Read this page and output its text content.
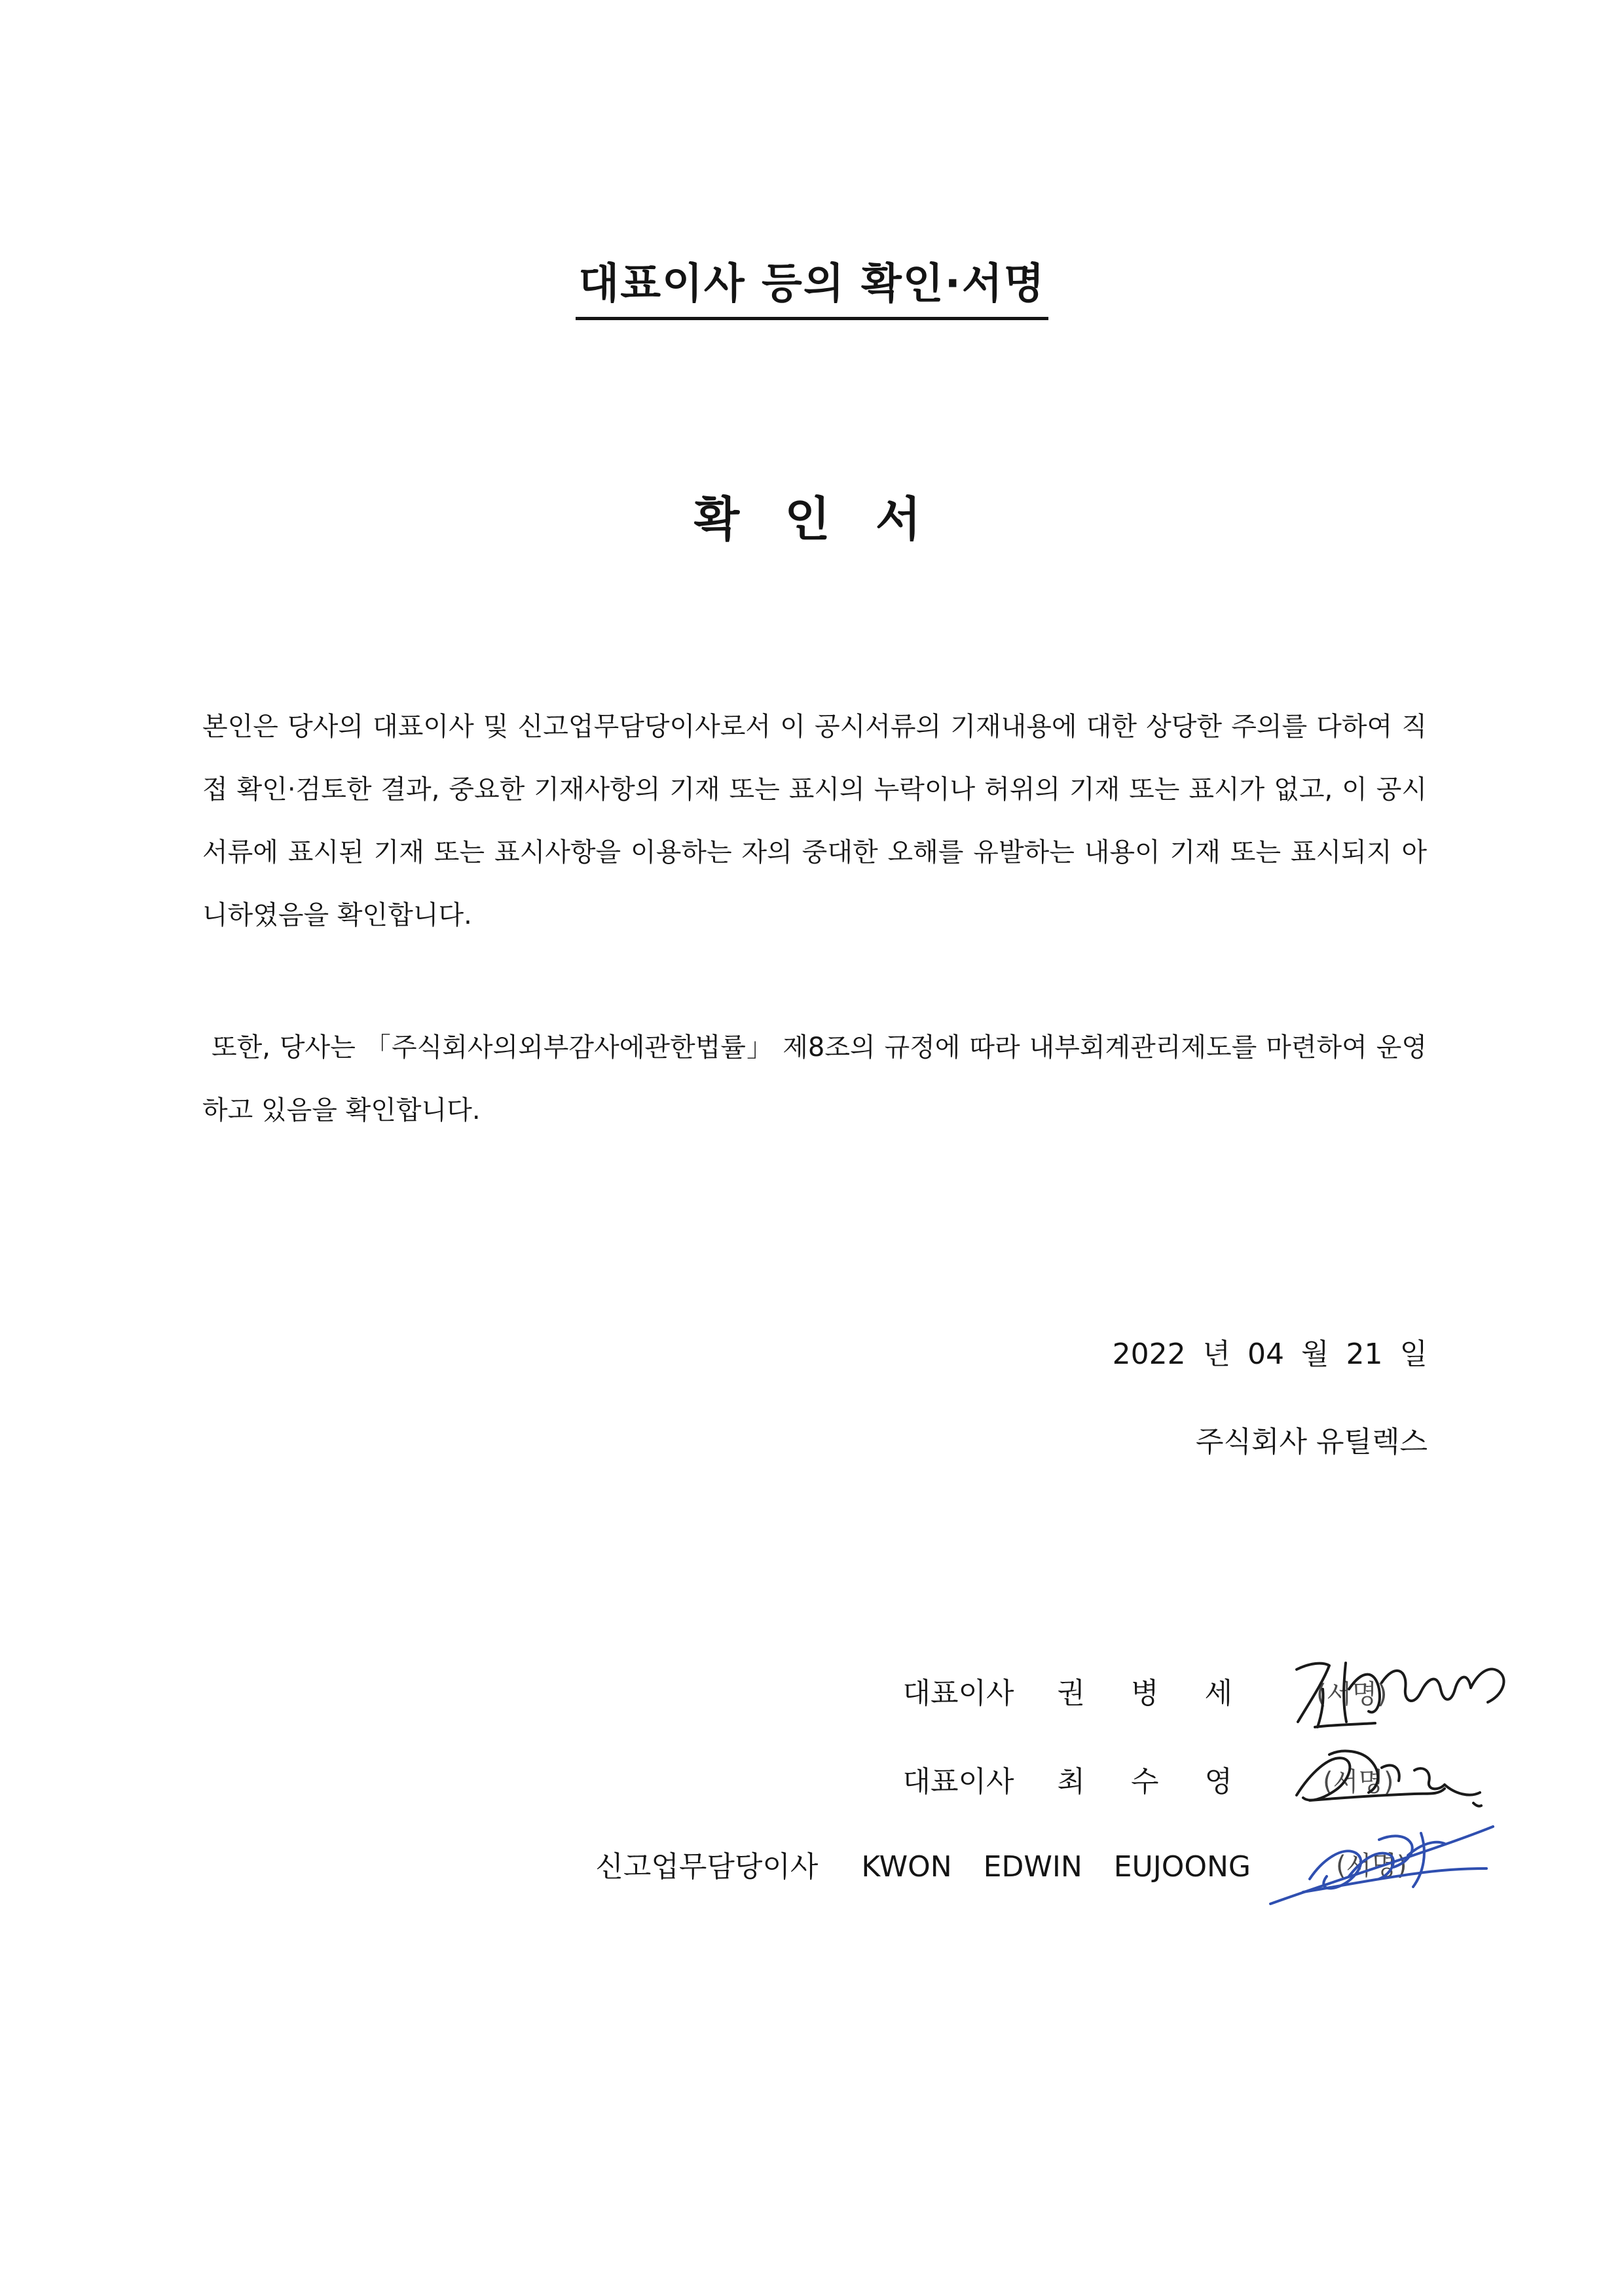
대표이사 등의 확인·서명
확 인 서

본인은 당사의 대표이사 및 신고업무담당이사로서 이 공시서류의 기재내용에 대한 상당한 주의를 다하여 직접 확인·검토한 결과, 중요한 기재사항의 기재 또는 표시의 누락이나 허위의 기재 또는 표시가 없고, 이 공시서류에 표시된 기재 또는 표시사항을 이용하는 자의 중대한 오해를 유발하는 내용이 기재 또는 표시되지 아니하였음을 확인합니다.

또한, 당사는 「주식회사의외부감사에관한법률」 제8조의 규정에 따라 내부회계관리제도를 마련하여 운영하고 있음을 확인합니다.

2022 년 04 월 21 일
주식회사 유틸렉스
대표이사 권 병 세	(서명)
대표이사 최 수 영	(서명)
신고업무담당이사 KWON EDWIN EUJOONG	(서명)
